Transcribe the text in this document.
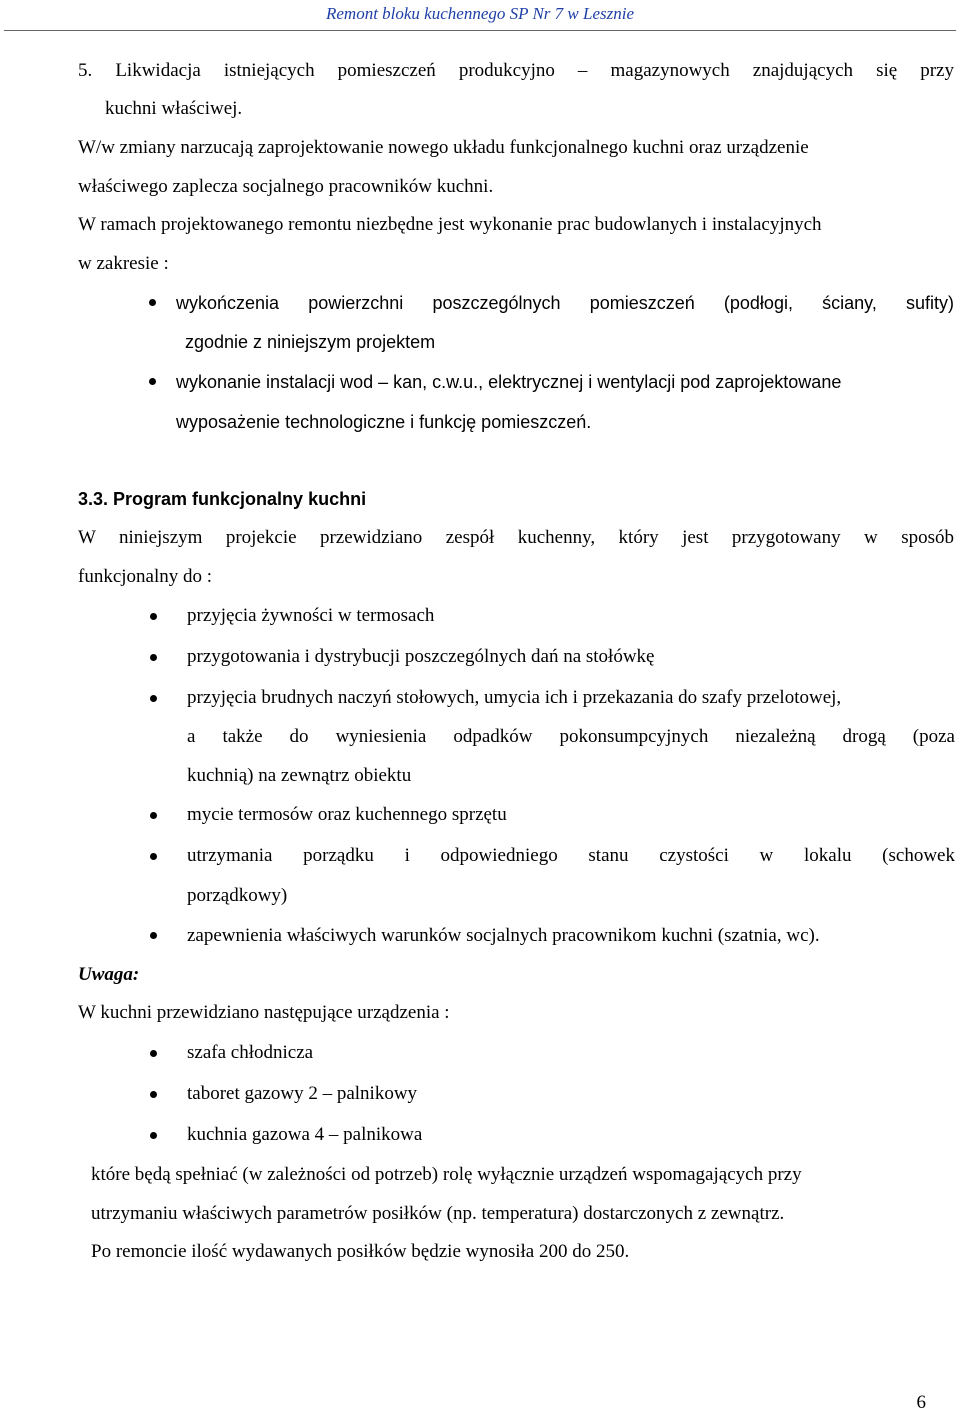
Remont bloku kuchennego SP Nr 7 w Lesznie
5. Likwidacja istniejących pomieszczeń produkcyjno – magazynowych znajdujących się przy
kuchni właściwej.
W/w zmiany narzucają zaprojektowanie nowego układu funkcjonalnego kuchni oraz urządzenie
właściwego zaplecza socjalnego pracowników kuchni.
W ramach projektowanego remontu niezbędne jest wykonanie prac budowlanych i instalacyjnych
w zakresie :
wykończenia powierzchni poszczególnych pomieszczeń (podłogi, ściany, sufity)
zgodnie z niniejszym projektem
wykonanie instalacji wod – kan, c.w.u., elektrycznej i wentylacji pod zaprojektowane
wyposażenie technologiczne i funkcję pomieszczeń.
3.3. Program funkcjonalny kuchni
W niniejszym projekcie przewidziano zespół kuchenny, który jest przygotowany w sposób
funkcjonalny do :
przyjęcia żywności w termosach
przygotowania i dystrybucji poszczególnych dań na stołówkę
przyjęcia brudnych naczyń stołowych, umycia ich i przekazania do szafy przelotowej,
a także do wyniesienia odpadków pokonsumpcyjnych niezależną drogą (poza
kuchnią) na zewnątrz obiektu
mycie termosów oraz kuchennego sprzętu
utrzymania porządku i odpowiedniego stanu czystości w lokalu (schowek
porządkowy)
zapewnienia właściwych warunków socjalnych pracownikom kuchni (szatnia, wc).
Uwaga:
W kuchni przewidziano następujące urządzenia :
szafa chłodnicza
taboret gazowy 2 – palnikowy
kuchnia gazowa 4 – palnikowa
które będą spełniać (w zależności od potrzeb) rolę wyłącznie urządzeń wspomagających przy
utrzymaniu właściwych parametrów posiłków (np. temperatura) dostarczonych z zewnątrz.
Po remoncie ilość wydawanych posiłków będzie wynosiła 200 do 250.
6
